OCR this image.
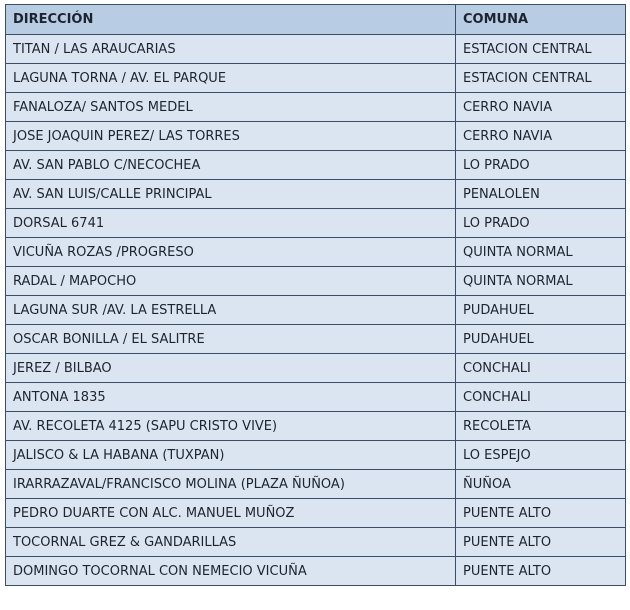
DIRECCIÓN	COMUNA
TITAN / LAS ARAUCARIAS	ESTACION CENTRAL
LAGUNA TORNA / AV. EL PARQUE	ESTACION CENTRAL
FANALOZA/ SANTOS MEDEL	CERRO NAVIA
JOSE JOAQUIN PEREZ/ LAS TORRES	CERRO NAVIA
AV. SAN PABLO C/NECOCHEA	LO PRADO
AV. SAN LUIS/CALLE PRINCIPAL	PENALOLEN
DORSAL 6741	LO PRADO
VICUÑA ROZAS /PROGRESO	QUINTA NORMAL
RADAL / MAPOCHO	QUINTA NORMAL
LAGUNA SUR /AV. LA ESTRELLA	PUDAHUEL
OSCAR BONILLA / EL SALITRE	PUDAHUEL
JEREZ / BILBAO	CONCHALI
ANTONA 1835	CONCHALI
AV. RECOLETA 4125 (SAPU CRISTO VIVE)	RECOLETA
JALISCO & LA HABANA (TUXPAN)	LO ESPEJO
IRARRAZAVAL/FRANCISCO MOLINA (PLAZA ÑUÑOA)	ÑUÑOA
PEDRO DUARTE CON ALC. MANUEL MUÑOZ	PUENTE ALTO
TOCORNAL GREZ & GANDARILLAS	PUENTE ALTO
DOMINGO TOCORNAL CON NEMECIO VICUÑA	PUENTE ALTO
